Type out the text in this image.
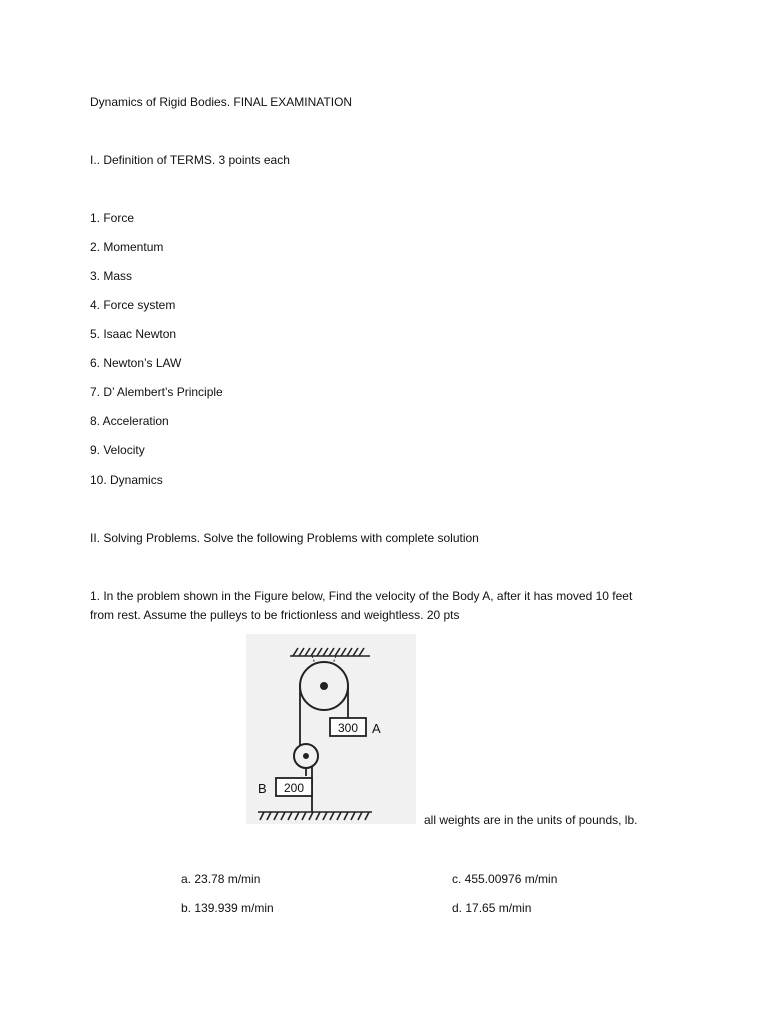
Dynamics of Rigid Bodies. FINAL EXAMINATION
I.. Definition of TERMS. 3 points each
1. Force
2. Momentum
3. Mass
4. Force system
5. Isaac Newton
6. Newton’s LAW
7. D’ Alembert’s Principle
8. Acceleration
9. Velocity
10. Dynamics
II. Solving Problems. Solve the following Problems with complete solution
1. In the problem shown in the Figure below, Find the velocity of the Body A, after it has moved 10 feet
from rest. Assume the pulleys to be frictionless and weightless. 20 pts
300 A
200
B
all weights are in the units of pounds, lb.
a. 23.78 m/min	c. 455.00976 m/min
b. 139.939 m/min	d. 17.65 m/min
